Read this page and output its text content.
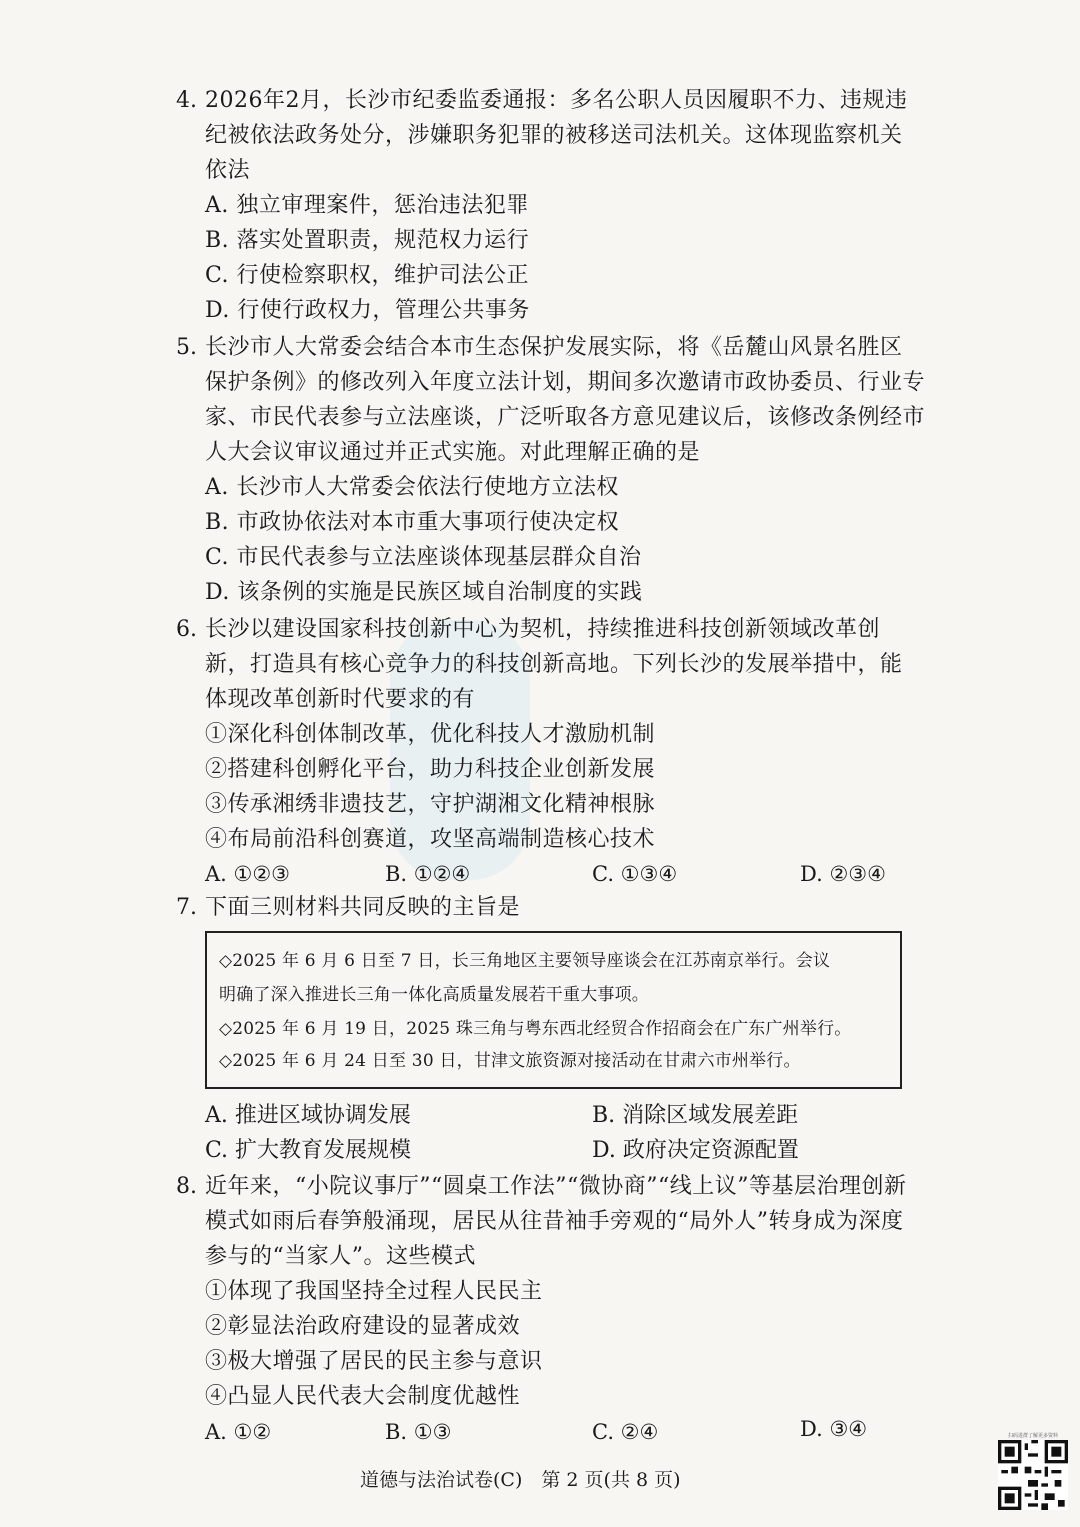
4. 2026年2月，长沙市纪委监委通报：多名公职人员因履职不力、违规违
纪被依法政务处分，涉嫌职务犯罪的被移送司法机关。这体现监察机关
依法
A. 独立审理案件，惩治违法犯罪
B. 落实处置职责，规范权力运行
C. 行使检察职权，维护司法公正
D. 行使行政权力，管理公共事务
5. 长沙市人大常委会结合本市生态保护发展实际，将《岳麓山风景名胜区
保护条例》的修改列入年度立法计划，期间多次邀请市政协委员、行业专
家、市民代表参与立法座谈，广泛听取各方意见建议后，该修改条例经市
人大会议审议通过并正式实施。对此理解正确的是
A. 长沙市人大常委会依法行使地方立法权
B. 市政协依法对本市重大事项行使决定权
C. 市民代表参与立法座谈体现基层群众自治
D. 该条例的实施是民族区域自治制度的实践
6. 长沙以建设国家科技创新中心为契机，持续推进科技创新领域改革创
新，打造具有核心竞争力的科技创新高地。下列长沙的发展举措中，能
体现改革创新时代要求的有
①深化科创体制改革，优化科技人才激励机制
②搭建科创孵化平台，助力科技企业创新发展
③传承湘绣非遗技艺，守护湖湘文化精神根脉
④布局前沿科创赛道，攻坚高端制造核心技术
A. ①②③	B. ①②④	C. ①③④	D. ②③④
7. 下面三则材料共同反映的主旨是
◇2025 年 6 月 6 日至 7 日，长三角地区主要领导座谈会在江苏南京举行。会议
明确了深入推进长三角一体化高质量发展若干重大事项。
◇2025 年 6 月 19 日，2025 珠三角与粤东西北经贸合作招商会在广东广州举行。
◇2025 年 6 月 24 日至 30 日，甘津文旅资源对接活动在甘肃六市州举行。
A. 推进区域协调发展	B. 消除区域发展差距
C. 扩大教育发展规模	D. 政府决定资源配置
8. 近年来，“小院议事厅”“圆桌工作法”“微协商”“线上议”等基层治理创新
模式如雨后春笋般涌现，居民从往昔袖手旁观的“局外人”转身成为深度
参与的“当家人”。这些模式
①体现了我国坚持全过程人民民主
②彰显法治政府建设的显著成效
③极大增强了居民的民主参与意识
④凸显人民代表大会制度优越性
A. ①②	B. ①③	C. ②④	D. ③④
道德与法治试卷(C)　第 2 页(共 8 页)
扫码进群了解更多资料
